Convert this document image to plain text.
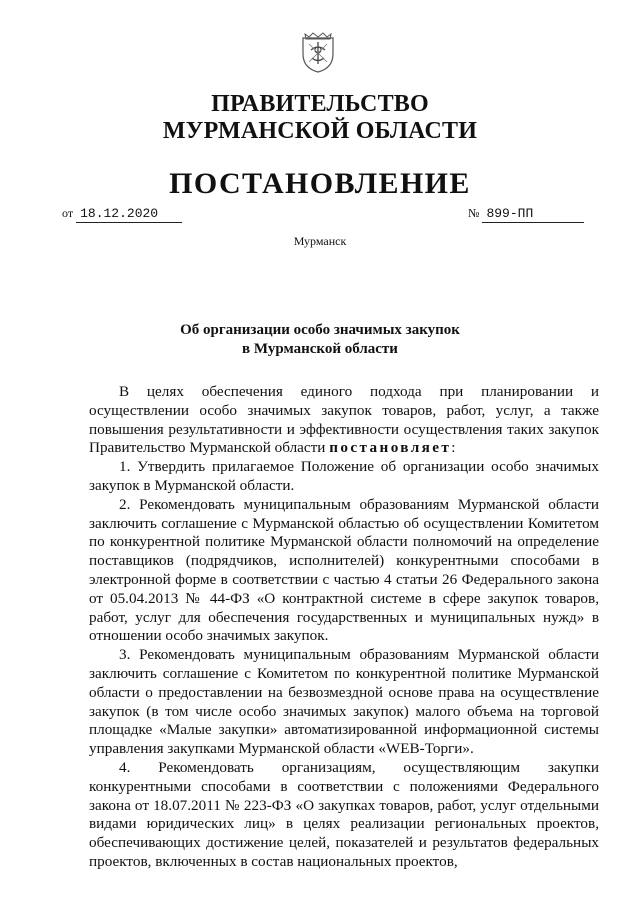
ПРАВИТЕЛЬСТВО
МУРМАНСКОЙ ОБЛАСТИ
ПОСТАНОВЛЕНИЕ
от 18.12.2020	№ 899-ПП
Мурманск
Об организации особо значимых закупок
в Мурманской области

В целях обеспечения единого подхода при планировании и осуществлении особо значимых закупок товаров, работ, услуг, а также повышения результативности и эффективности осуществления таких закупок Правительство Мурманской области постановляет:

1. Утвердить прилагаемое Положение об организации особо значимых закупок в Мурманской области.

2. Рекомендовать муниципальным образованиям Мурманской области заключить соглашение с Мурманской областью об осуществлении Комитетом по конкурентной политике Мурманской области полномочий на определение поставщиков (подрядчиков, исполнителей) конкурентными способами в электронной форме в соответствии с частью 4 статьи 26 Федерального закона от 05.04.2013 № 44-ФЗ «О контрактной системе в сфере закупок товаров, работ, услуг для обеспечения государственных и муниципальных нужд» в отношении особо значимых закупок.

3. Рекомендовать муниципальным образованиям Мурманской области заключить соглашение с Комитетом по конкурентной политике Мурманской области о предоставлении на безвозмездной основе права на осуществление закупок (в том числе особо значимых закупок) малого объема на торговой площадке «Малые закупки» автоматизированной информационной системы управления закупками Мурманской области «WEB-Торги».

4. Рекомендовать организациям, осуществляющим закупки конкурентными способами в соответствии с положениями Федерального закона от 18.07.2011 № 223-ФЗ «О закупках товаров, работ, услуг отдельными видами юридических лиц» в целях реализации региональных проектов, обеспечивающих достижение целей, показателей и результатов федеральных проектов, включенных в состав национальных проектов,
